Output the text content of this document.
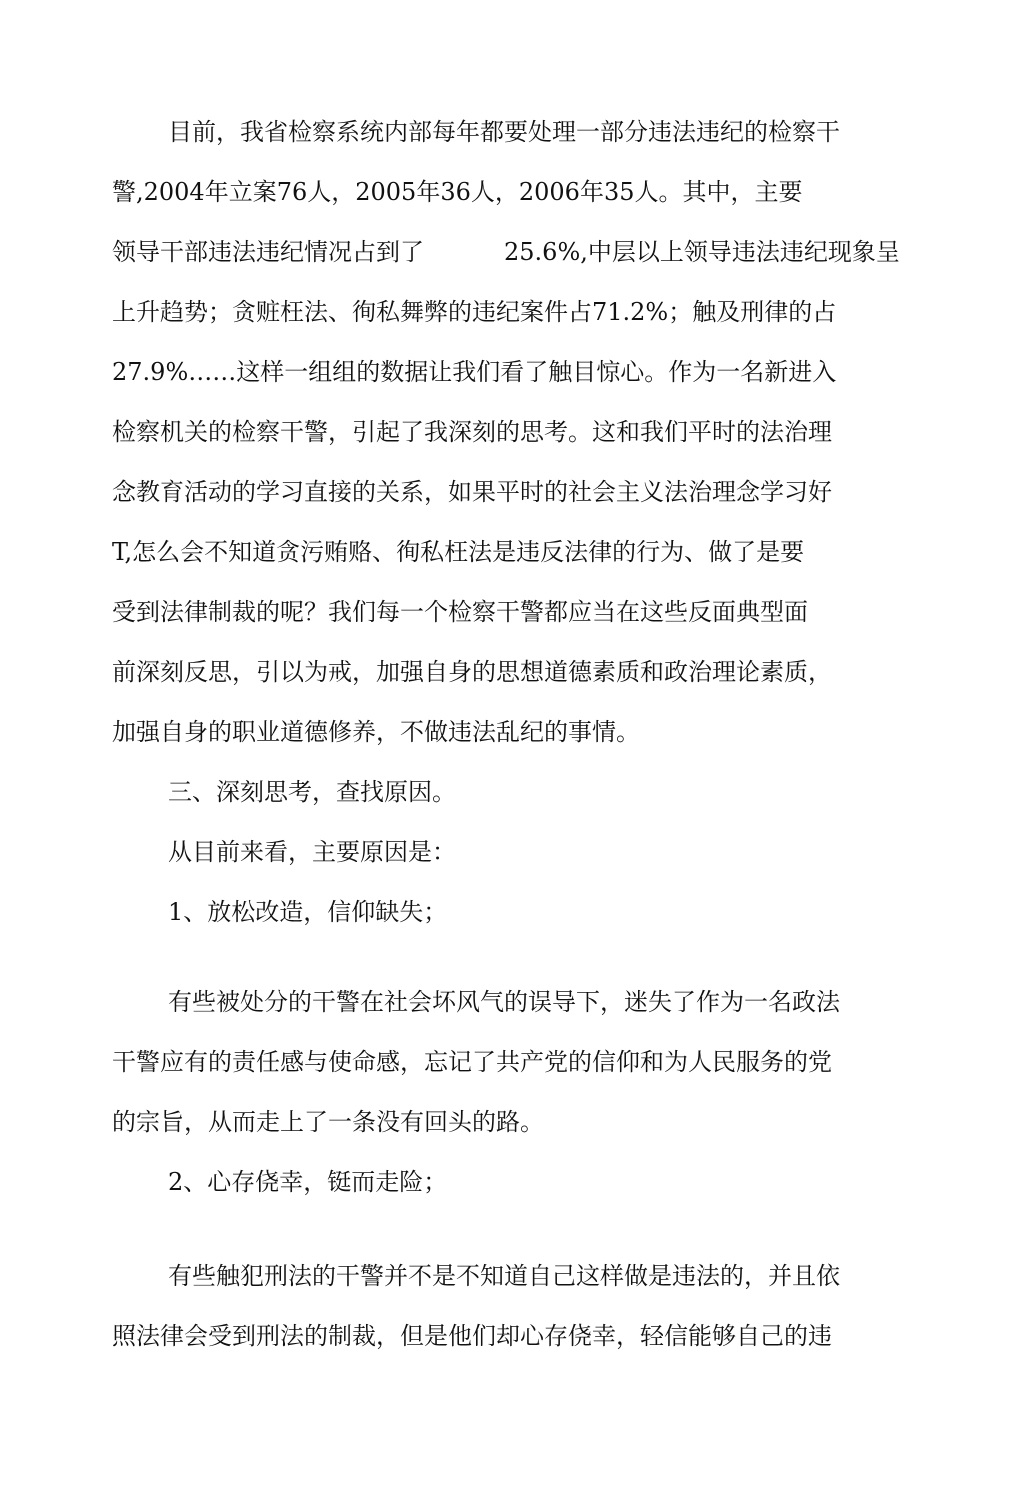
目前，我省检察系统内部每年都要处理一部分违法违纪的检察干
警,2004年立案76人，2005年36人，2006年35人。其中，主要
领导干部违法违纪情况占到了	25.6%,中层以上领导违法违纪现象呈
上升趋势；贪赃枉法、徇私舞弊的违纪案件占71.2%；触及刑律的占
27.9%……这样一组组的数据让我们看了触目惊心。作为一名新进入
检察机关的检察干警，引起了我深刻的思考。这和我们平时的法治理
念教育活动的学习直接的关系，如果平时的社会主义法治理念学习好
T,怎么会不知道贪污贿赂、徇私枉法是违反法律的行为、做了是要
受到法律制裁的呢？我们每一个检察干警都应当在这些反面典型面
前深刻反思，引以为戒，加强自身的思想道德素质和政治理论素质，
加强自身的职业道德修养，不做违法乱纪的事情。
三、深刻思考，查找原因。
从目前来看，主要原因是：
1、放松改造，信仰缺失；
有些被处分的干警在社会坏风气的误导下，迷失了作为一名政法
干警应有的责任感与使命感，忘记了共产党的信仰和为人民服务的党
的宗旨，从而走上了一条没有回头的路。
2、心存侥幸，铤而走险；
有些触犯刑法的干警并不是不知道自己这样做是违法的，并且依
照法律会受到刑法的制裁，但是他们却心存侥幸，轻信能够自己的违
